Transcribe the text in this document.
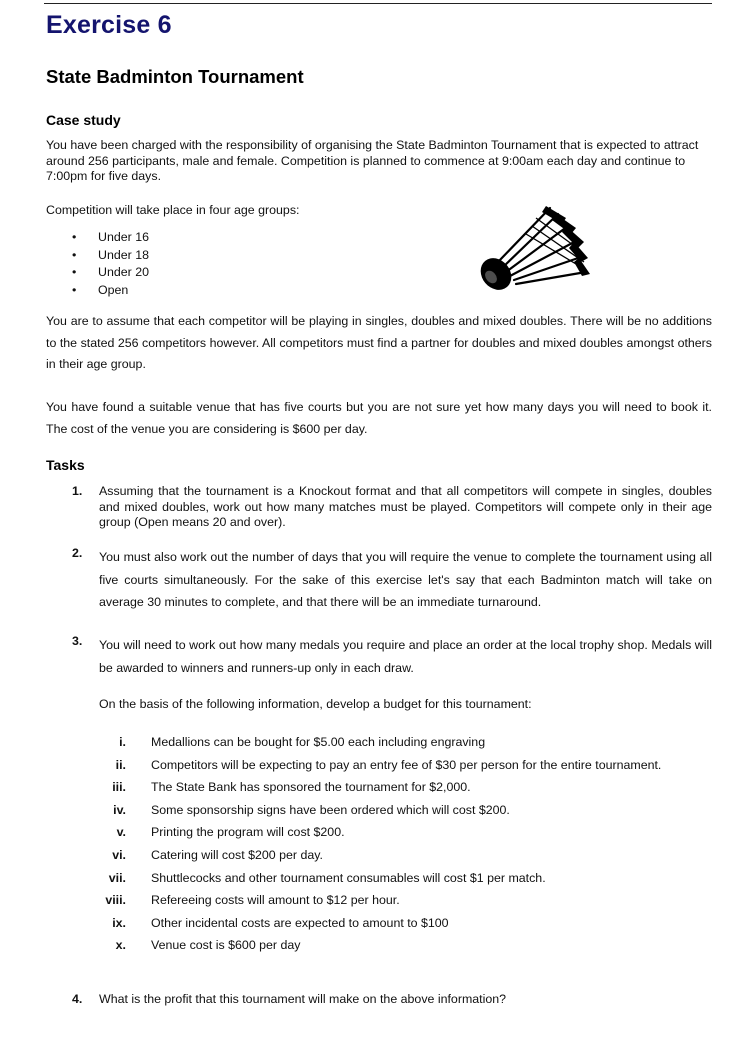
Exercise 6
State Badminton Tournament
Case study

You have been charged with the responsibility of organising the State Badminton Tournament that is expected to attract around 256 participants, male and female. Competition is planned to commence at 9:00am each day and continue to 7:00pm for five days.

Competition will take place in four age groups:

• Under 16
• Under 18
• Under 20
• Open

You are to assume that each competitor will be playing in singles, doubles and mixed doubles. There will be no additions to the stated 256 competitors however. All competitors must find a partner for doubles and mixed doubles amongst others in their age group.

You have found a suitable venue that has five courts but you are not sure yet how many days you will need to book it. The cost of the venue you are considering is $600 per day.

Tasks
1. Assuming that the tournament is a Knockout format and that all competitors will compete in singles, doubles and mixed doubles, work out how many matches must be played. Competitors will compete only in their age group (Open means 20 and over).
2. You must also work out the number of days that you will require the venue to complete the tournament using all five courts simultaneously. For the sake of this exercise let's say that each Badminton match will take on average 30 minutes to complete, and that there will be an immediate turnaround.
3. You will need to work out how many medals you require and place an order at the local trophy shop. Medals will be awarded to winners and runners-up only in each draw.
On the basis of the following information, develop a budget for this tournament:
i. Medallions can be bought for $5.00 each including engraving
ii. Competitors will be expecting to pay an entry fee of $30 per person for the entire tournament.
iii. The State Bank has sponsored the tournament for $2,000.
iv. Some sponsorship signs have been ordered which will cost $200.
v. Printing the program will cost $200.
vi. Catering will cost $200 per day.
vii. Shuttlecocks and other tournament consumables will cost $1 per match.
viii. Refereeing costs will amount to $12 per hour.
ix. Other incidental costs are expected to amount to $100
x. Venue cost is $600 per day
4. What is the profit that this tournament will make on the above information?
